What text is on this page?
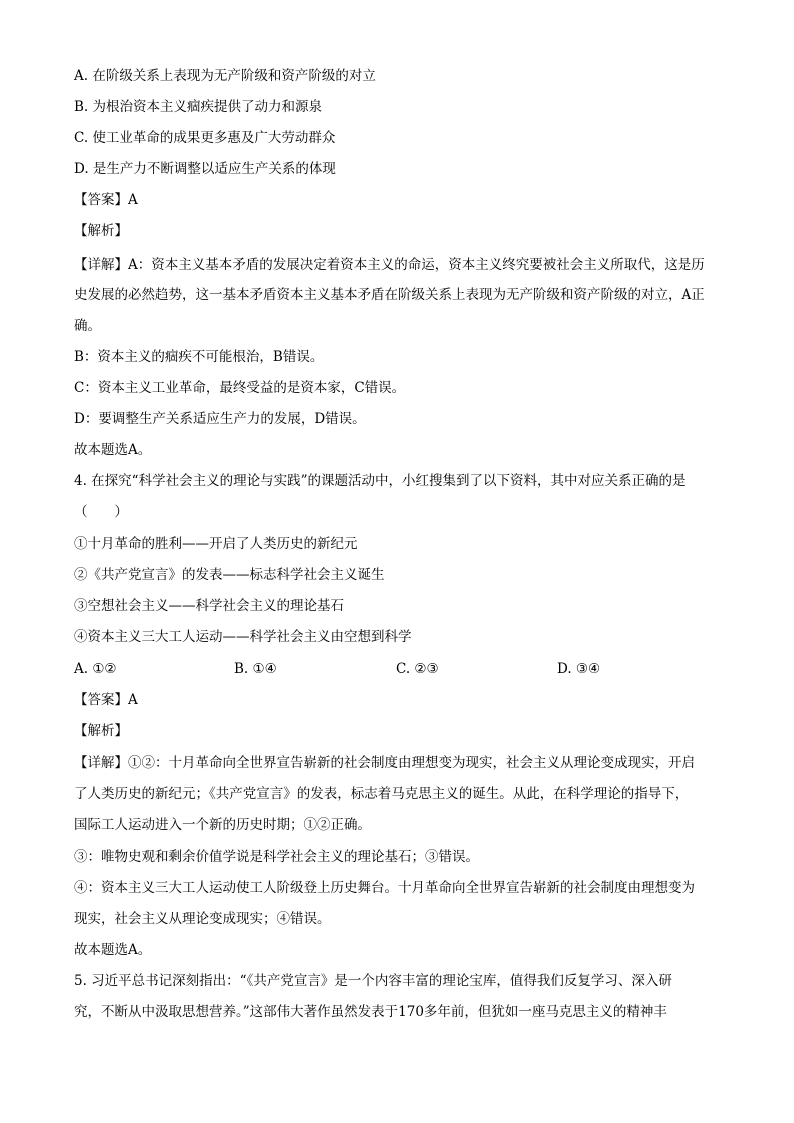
A. 在阶级关系上表现为无产阶级和资产阶级的对立
B. 为根治资本主义痼疾提供了动力和源泉
C. 使工业革命的成果更多惠及广大劳动群众
D. 是生产力不断调整以适应生产关系的体现
【答案】A
【解析】
【详解】A：资本主义基本矛盾的发展决定着资本主义的命运，资本主义终究要被社会主义所取代，这是历
史发展的必然趋势，这一基本矛盾资本主义基本矛盾在阶级关系上表现为无产阶级和资产阶级的对立，A正
确。
B：资本主义的痼疾不可能根治，B错误。
C：资本主义工业革命，最终受益的是资本家，C错误。
D：要调整生产关系适应生产力的发展，D错误。
故本题选A。
4. 在探究“科学社会主义的理论与实践”的课题活动中，小红搜集到了以下资料，其中对应关系正确的是
（　　）
①十月革命的胜利——开启了人类历史的新纪元
②《共产党宣言》的发表——标志科学社会主义诞生
③空想社会主义——科学社会主义的理论基石
④资本主义三大工人运动——科学社会主义由空想到科学
A. ①②	B. ①④	C. ②③	D. ③④
【答案】A
【解析】
【详解】①②：十月革命向全世界宣告崭新的社会制度由理想变为现实，社会主义从理论变成现实，开启
了人类历史的新纪元；《共产党宣言》的发表，标志着马克思主义的诞生。从此，在科学理论的指导下，
国际工人运动进入一个新的历史时期；①②正确。
③：唯物史观和剩余价值学说是科学社会主义的理论基石；③错误。
④：资本主义三大工人运动使工人阶级登上历史舞台。十月革命向全世界宣告崭新的社会制度由理想变为
现实，社会主义从理论变成现实；④错误。
故本题选A。
5. 习近平总书记深刻指出：“《共产党宣言》是一个内容丰富的理论宝库，值得我们反复学习、深入研
究，不断从中汲取思想营养。”这部伟大著作虽然发表于170多年前，但犹如一座马克思主义的精神丰
